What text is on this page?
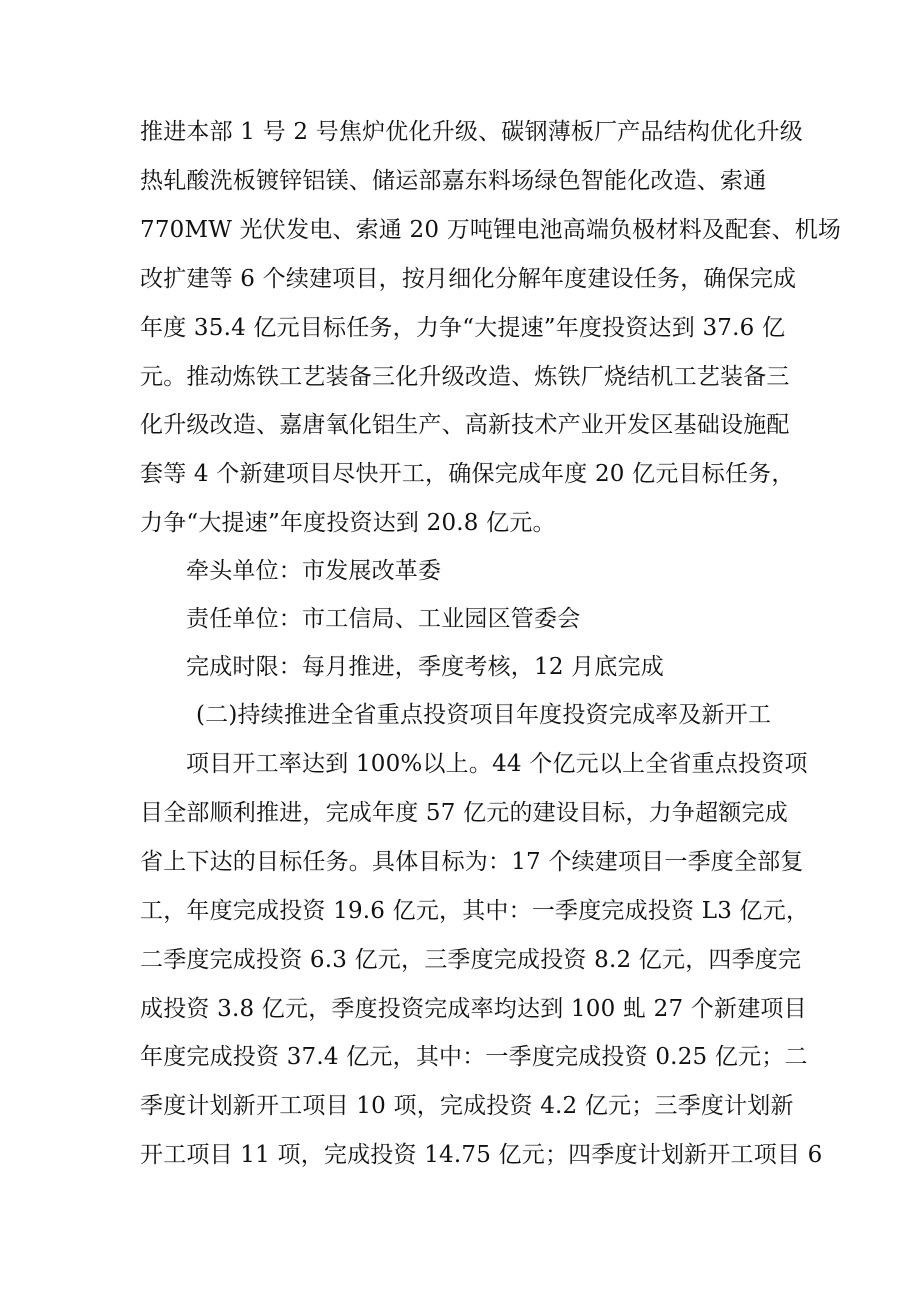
推进本部 1 号 2 号焦炉优化升级、碳钢薄板厂产品结构优化升级
热轧酸洗板镀锌铝镁、储运部嘉东料场绿色智能化改造、索通
770MW 光伏发电、索通 20 万吨锂电池高端负极材料及配套、机场
改扩建等 6 个续建项目，按月细化分解年度建设任务，确保完成
年度 35.4 亿元目标任务，力争“大提速”年度投资达到 37.6 亿
元。推动炼铁工艺装备三化升级改造、炼铁厂烧结机工艺装备三
化升级改造、嘉唐氧化铝生产、高新技术产业开发区基础设施配
套等 4 个新建项目尽快开工，确保完成年度 20 亿元目标任务，
力争“大提速”年度投资达到 20.8 亿元。
牵头单位：市发展改革委
责任单位：市工信局、工业园区管委会
完成时限：每月推进，季度考核，12 月底完成
(二)持续推进全省重点投资项目年度投资完成率及新开工
项目开工率达到 100%以上。44 个亿元以上全省重点投资项
目全部顺利推进，完成年度 57 亿元的建设目标，力争超额完成
省上下达的目标任务。具体目标为：17 个续建项目一季度全部复
工，年度完成投资 19.6 亿元，其中：一季度完成投资 L3 亿元，
二季度完成投资 6.3 亿元，三季度完成投资 8.2 亿元，四季度完
成投资 3.8 亿元，季度投资完成率均达到 100 虬 27 个新建项目
年度完成投资 37.4 亿元，其中：一季度完成投资 0.25 亿元；二
季度计划新开工项目 10 项，完成投资 4.2 亿元；三季度计划新
开工项目 11 项，完成投资 14.75 亿元；四季度计划新开工项目 6
